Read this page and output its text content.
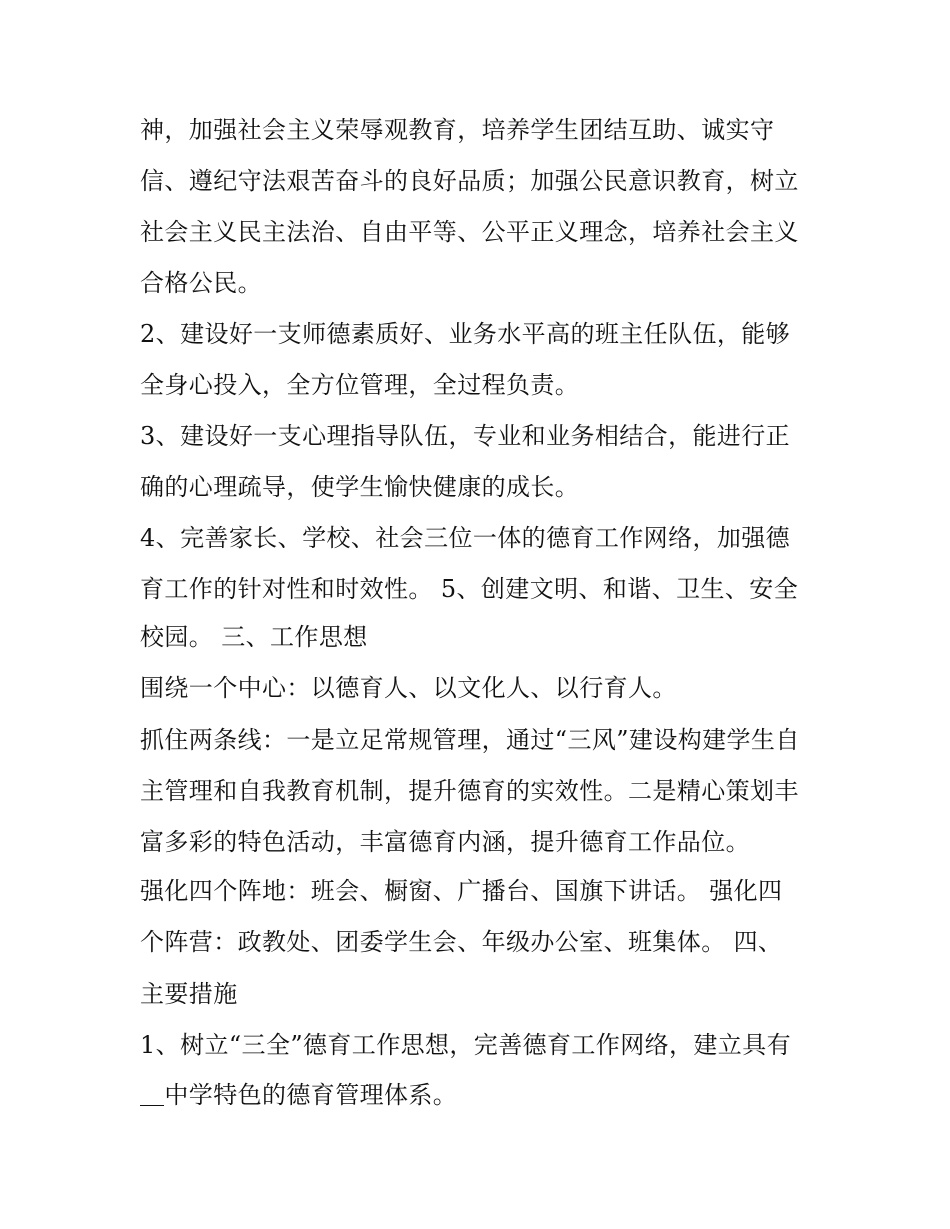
神，加强社会主义荣辱观教育，培养学生团结互助、诚实守
信、遵纪守法艰苦奋斗的良好品质；加强公民意识教育，树立
社会主义民主法治、自由平等、公平正义理念，培养社会主义
合格公民。
2、建设好一支师德素质好、业务水平高的班主任队伍，能够
全身心投入，全方位管理，全过程负责。
3、建设好一支心理指导队伍，专业和业务相结合，能进行正
确的心理疏导，使学生愉快健康的成长。
4、完善家长、学校、社会三位一体的德育工作网络，加强德
育工作的针对性和时效性。 5、创建文明、和谐、卫生、安全
校园。 三、工作思想
围绕一个中心：以德育人、以文化人、以行育人。
抓住两条线：一是立足常规管理，通过“三风”建设构建学生自
主管理和自我教育机制，提升德育的实效性。二是精心策划丰
富多彩的特色活动，丰富德育内涵，提升德育工作品位。
强化四个阵地：班会、橱窗、广播台、国旗下讲话。 强化四
个阵营：政教处、团委学生会、年级办公室、班集体。 四、
主要措施
1、树立“三全”德育工作思想，完善德育工作网络，建立具有
＿中学特色的德育管理体系。
